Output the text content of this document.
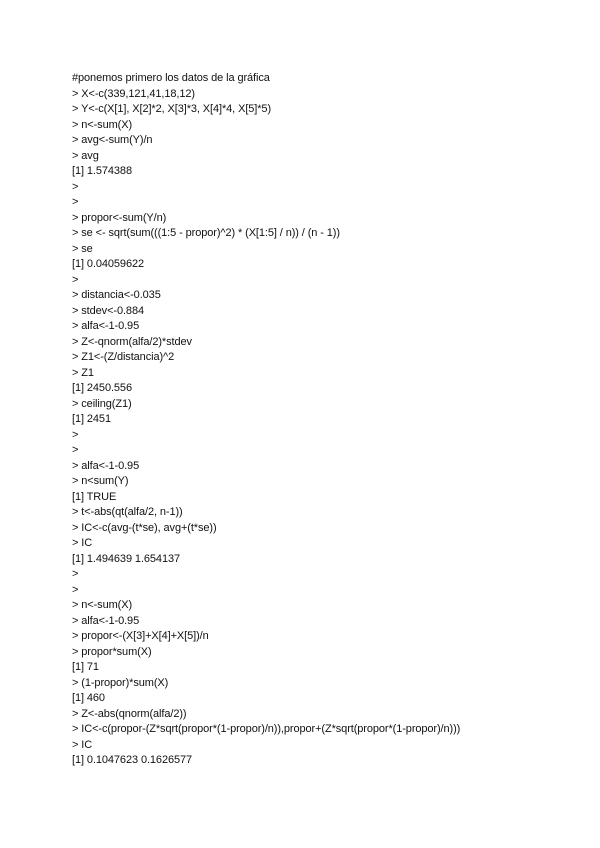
#ponemos primero los datos de la gráfica
> X<-c(339,121,41,18,12)
> Y<-c(X[1], X[2]*2, X[3]*3, X[4]*4, X[5]*5)
> n<-sum(X)
> avg<-sum(Y)/n
> avg
[1] 1.574388
>
>
> propor<-sum(Y/n)
> se <- sqrt(sum(((1:5 - propor)^2) * (X[1:5] / n)) / (n - 1))
> se
[1] 0.04059622
>
> distancia<-0.035
> stdev<-0.884
> alfa<-1-0.95
> Z<-qnorm(alfa/2)*stdev
> Z1<-(Z/distancia)^2
> Z1
[1] 2450.556
> ceiling(Z1)
[1] 2451
>
>
> alfa<-1-0.95
> n<sum(Y)
[1] TRUE
> t<-abs(qt(alfa/2, n-1))
> IC<-c(avg-(t*se), avg+(t*se))
> IC
[1] 1.494639 1.654137
>
>
> n<-sum(X)
> alfa<-1-0.95
> propor<-(X[3]+X[4]+X[5])/n
> propor*sum(X)
[1] 71
> (1-propor)*sum(X)
[1] 460
> Z<-abs(qnorm(alfa/2))
> IC<-c(propor-(Z*sqrt(propor*(1-propor)/n)),propor+(Z*sqrt(propor*(1-propor)/n)))
> IC
[1] 0.1047623 0.1626577
